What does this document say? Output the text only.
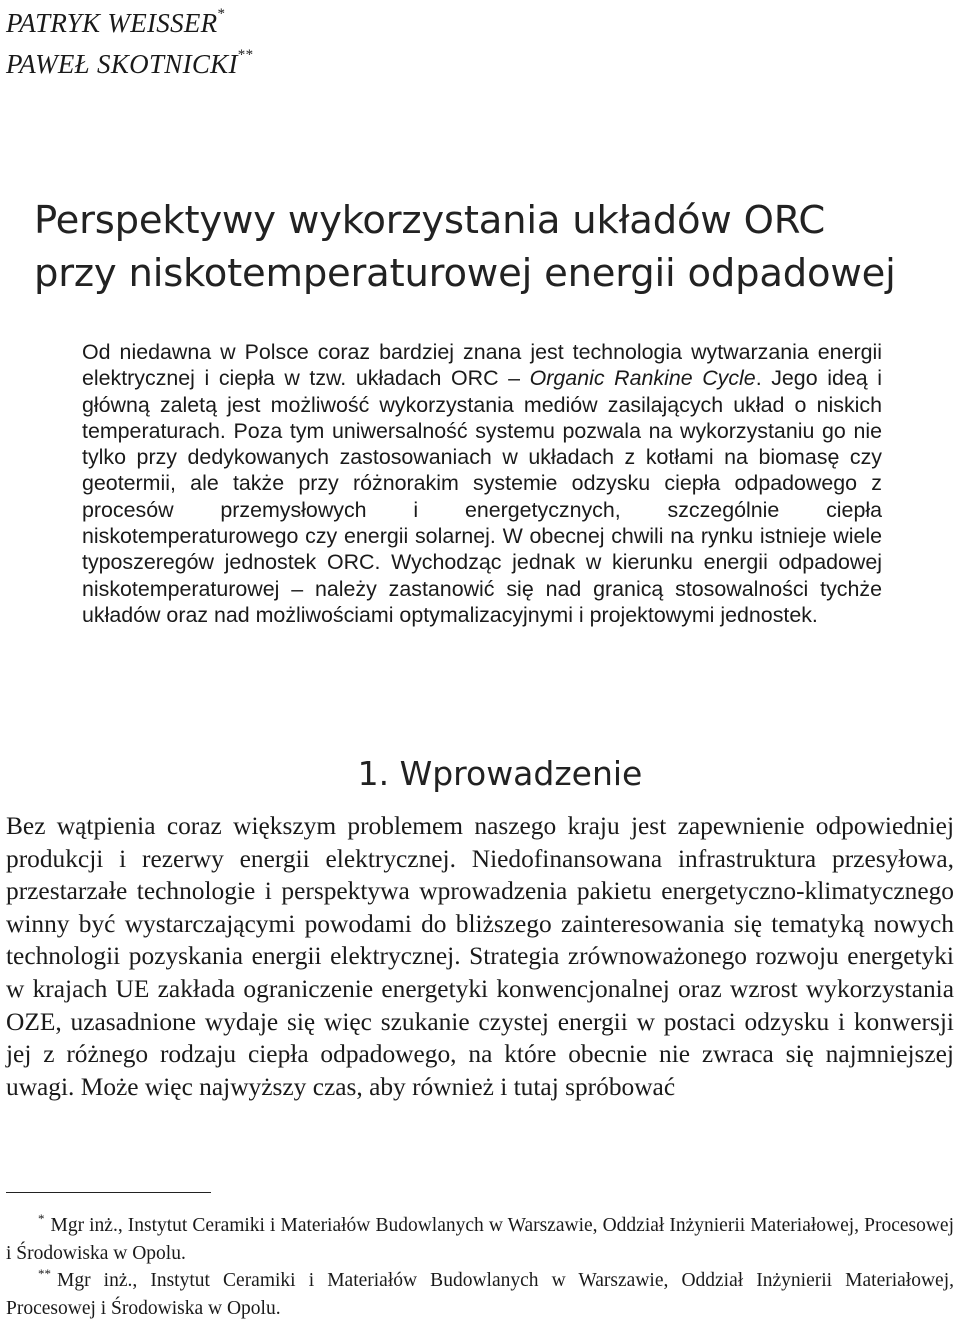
PATRYK WEISSER*
PAWEŁ SKOTNICKI**
Perspektywy wykorzystania układów ORC
przy niskotemperaturowej energii odpadowej

Od niedawna w Polsce coraz bardziej znana jest technologia wytwarzania energii elektrycznej i ciepła w tzw. układach ORC – Organic Rankine Cycle. Jego ideą i główną zaletą jest możliwość wykorzystania mediów zasilających układ o niskich temperaturach. Poza tym uniwersalność systemu pozwala na wykorzystaniu go nie tylko przy dedykowanych zastosowaniach w układach z kotłami na biomasę czy geotermii, ale także przy różnorakim systemie odzysku ciepła odpadowego z procesów przemysłowych i energetycznych, szczególnie ciepła niskotemperaturowego czy energii solarnej. W obecnej chwili na rynku istnieje wiele typoszeregów jednostek ORC. Wychodząc jednak w kierunku energii odpadowej niskotemperaturowej – należy zastanowić się nad granicą stosowalności tychże układów oraz nad możliwościami optymalizacyjnymi i projektowymi jednostek.

1. Wprowadzenie

Bez wątpienia coraz większym problemem naszego kraju jest zapewnienie odpowiedniej produkcji i rezerwy energii elektrycznej. Niedofinansowana infrastruktura przesyłowa, przestarzałe technologie i perspektywa wprowadzenia pakietu energetyczno-klimatycznego winny być wystarczającymi powodami do bliższego zainteresowania się tematyką nowych technologii pozyskania energii elektrycznej. Strategia zrównoważonego rozwoju energetyki w krajach UE zakłada ograniczenie energetyki konwencjonalnej oraz wzrost wykorzystania OZE, uzasadnione wydaje się więc szukanie czystej energii w postaci odzysku i konwersji jej z różnego rodzaju ciepła odpadowego, na które obecnie nie zwraca się najmniejszej uwagi. Może więc najwyższy czas, aby również i tutaj spróbować

* Mgr inż., Instytut Ceramiki i Materiałów Budowlanych w Warszawie, Oddział Inżynierii Materiałowej, Procesowej i Środowiska w Opolu.

** Mgr inż., Instytut Ceramiki i Materiałów Budowlanych w Warszawie, Oddział Inżynierii Materiałowej, Procesowej i Środowiska w Opolu.
